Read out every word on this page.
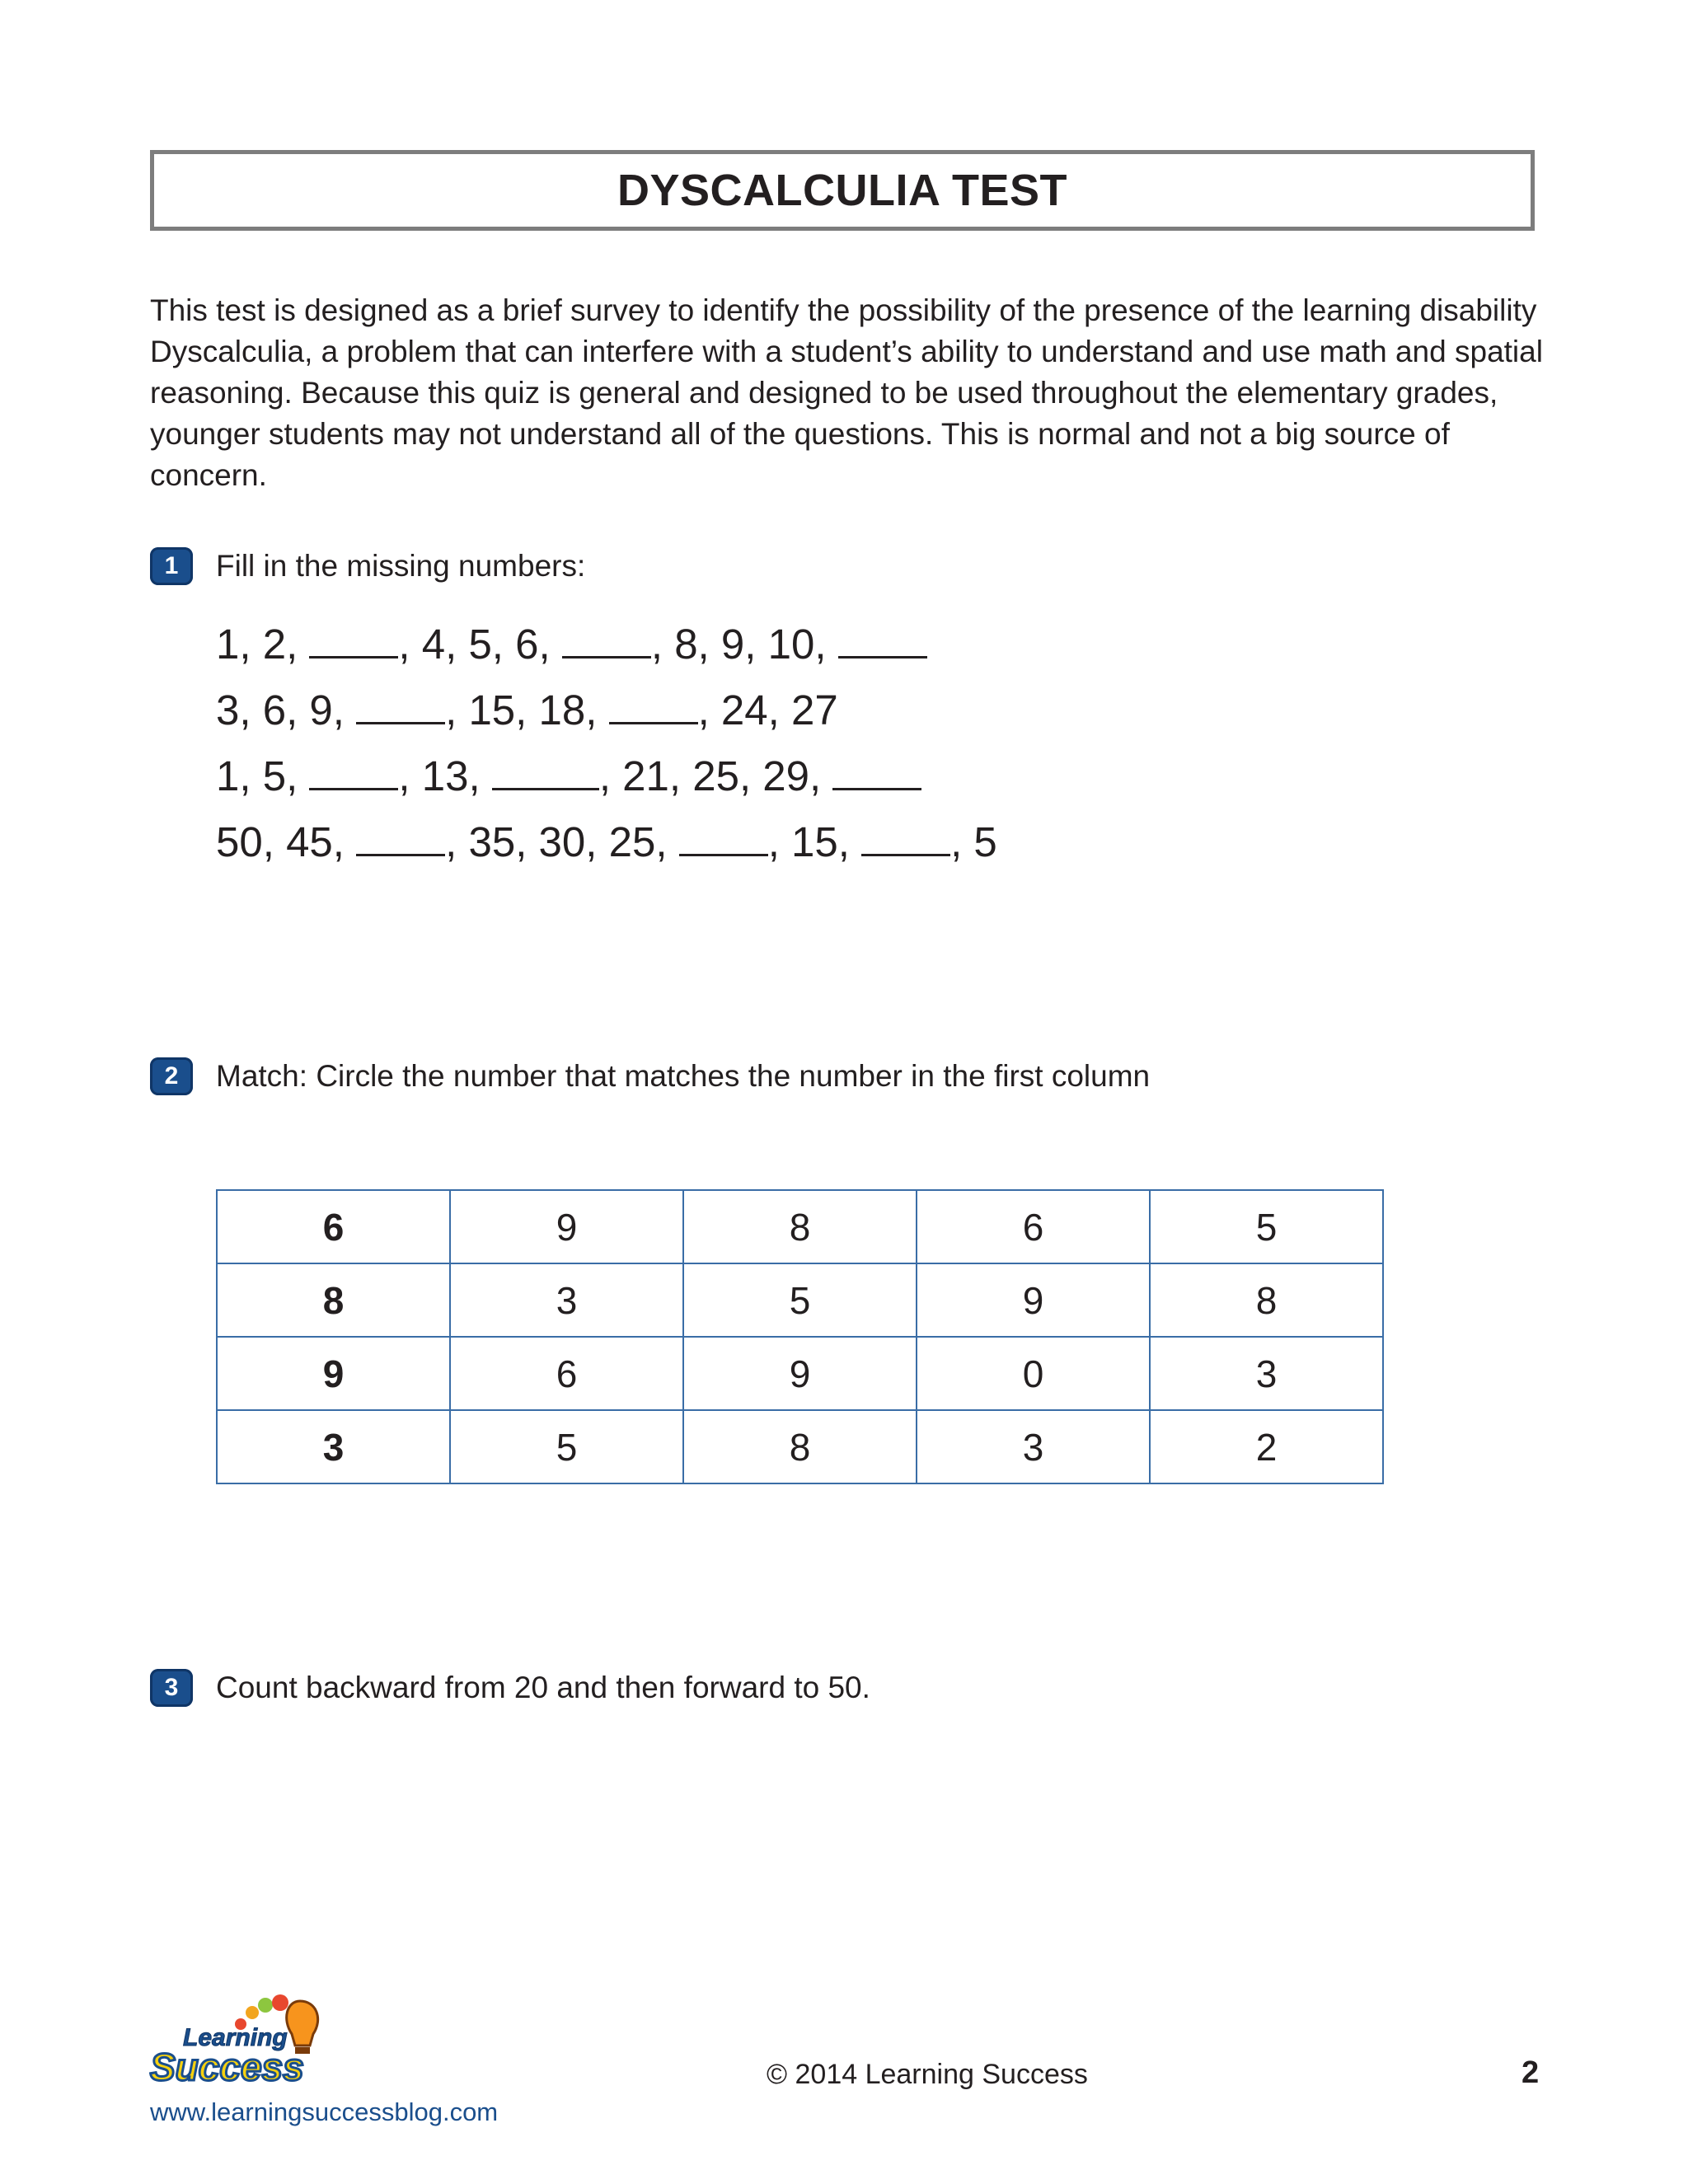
DYSCALCULIA TEST

This test is designed as a brief survey to identify the possibility of the presence of the learning disability Dyscalculia, a problem that can interfere with a student’s ability to understand and use math and spatial reasoning. Because this quiz is general and designed to be used throughout the elementary grades, younger students may not understand all of the questions. This is normal and not a big source of concern.

1	Fill in the missing numbers:
1, 2, , 4, 5, 6, , 8, 9, 10,
3, 6, 9, , 15, 18, , 24, 27
1, 5, , 13,	, 21, 25, 29,
50, 45, , 35, 30, 25, , 15, , 5
2	Match: Circle the number that matches the number in the first column
6	9	8	6	5
8	3	5	9	8
9	6	9	0	3
3	5	8	3	2
3	Count backward from 20 and then forward to 50.
Learning
Success
www.learningsuccessblog.com
© 2014 Learning Success	2
